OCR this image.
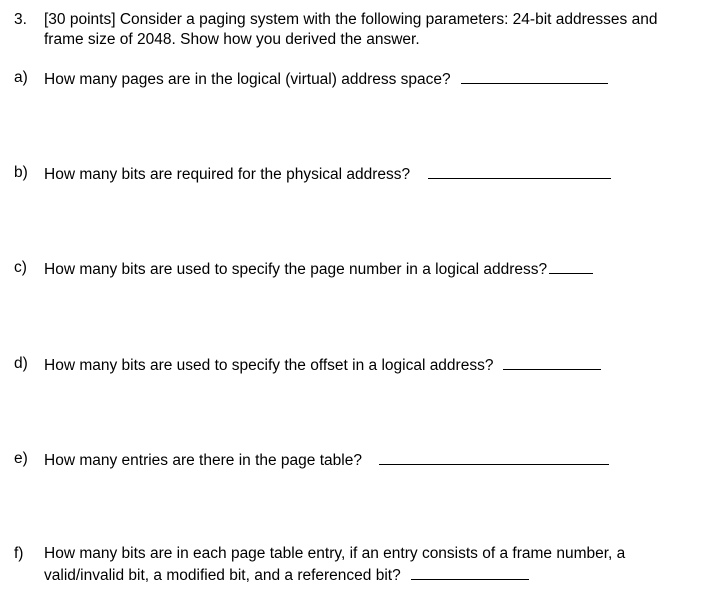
3. [30 points] Consider a paging system with the following parameters: 24-bit addresses and
frame size of 2048. Show how you derived the answer.
a) How many pages are in the logical (virtual) address space?
b) How many bits are required for the physical address?
c) How many bits are used to specify the page number in a logical address?
d) How many bits are used to specify the offset in a logical address?
e) How many entries are there in the page table?
f) How many bits are in each page table entry, if an entry consists of a frame number, a
valid/invalid bit, a modified bit, and a referenced bit?
